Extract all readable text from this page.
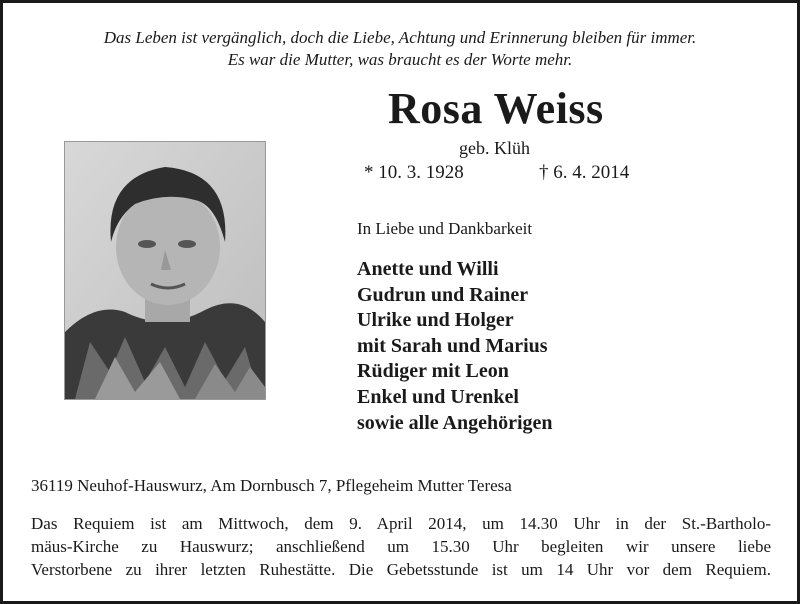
Das Leben ist vergänglich, doch die Liebe, Achtung und Erinnerung bleiben für immer.
Es war die Mutter, was braucht es der Worte mehr.
Rosa Weiss
geb. Klüh
* 10. 3. 1928	† 6. 4. 2014
In Liebe und Dankbarkeit
Anette und Willi
Gudrun und Rainer
Ulrike und Holger
mit Sarah und Marius
Rüdiger mit Leon
Enkel und Urenkel
sowie alle Angehörigen
36119 Neuhof-Hauswurz, Am Dornbusch 7, Pflegeheim Mutter Teresa
Das Requiem ist am Mittwoch, dem 9. April 2014, um 14.30 Uhr in der St.-Bartholo-
mäus-Kirche zu Hauswurz; anschließend um 15.30 Uhr begleiten wir unsere liebe
Verstorbene zu ihrer letzten Ruhestätte. Die Gebetsstunde ist um 14 Uhr vor dem Requiem.
